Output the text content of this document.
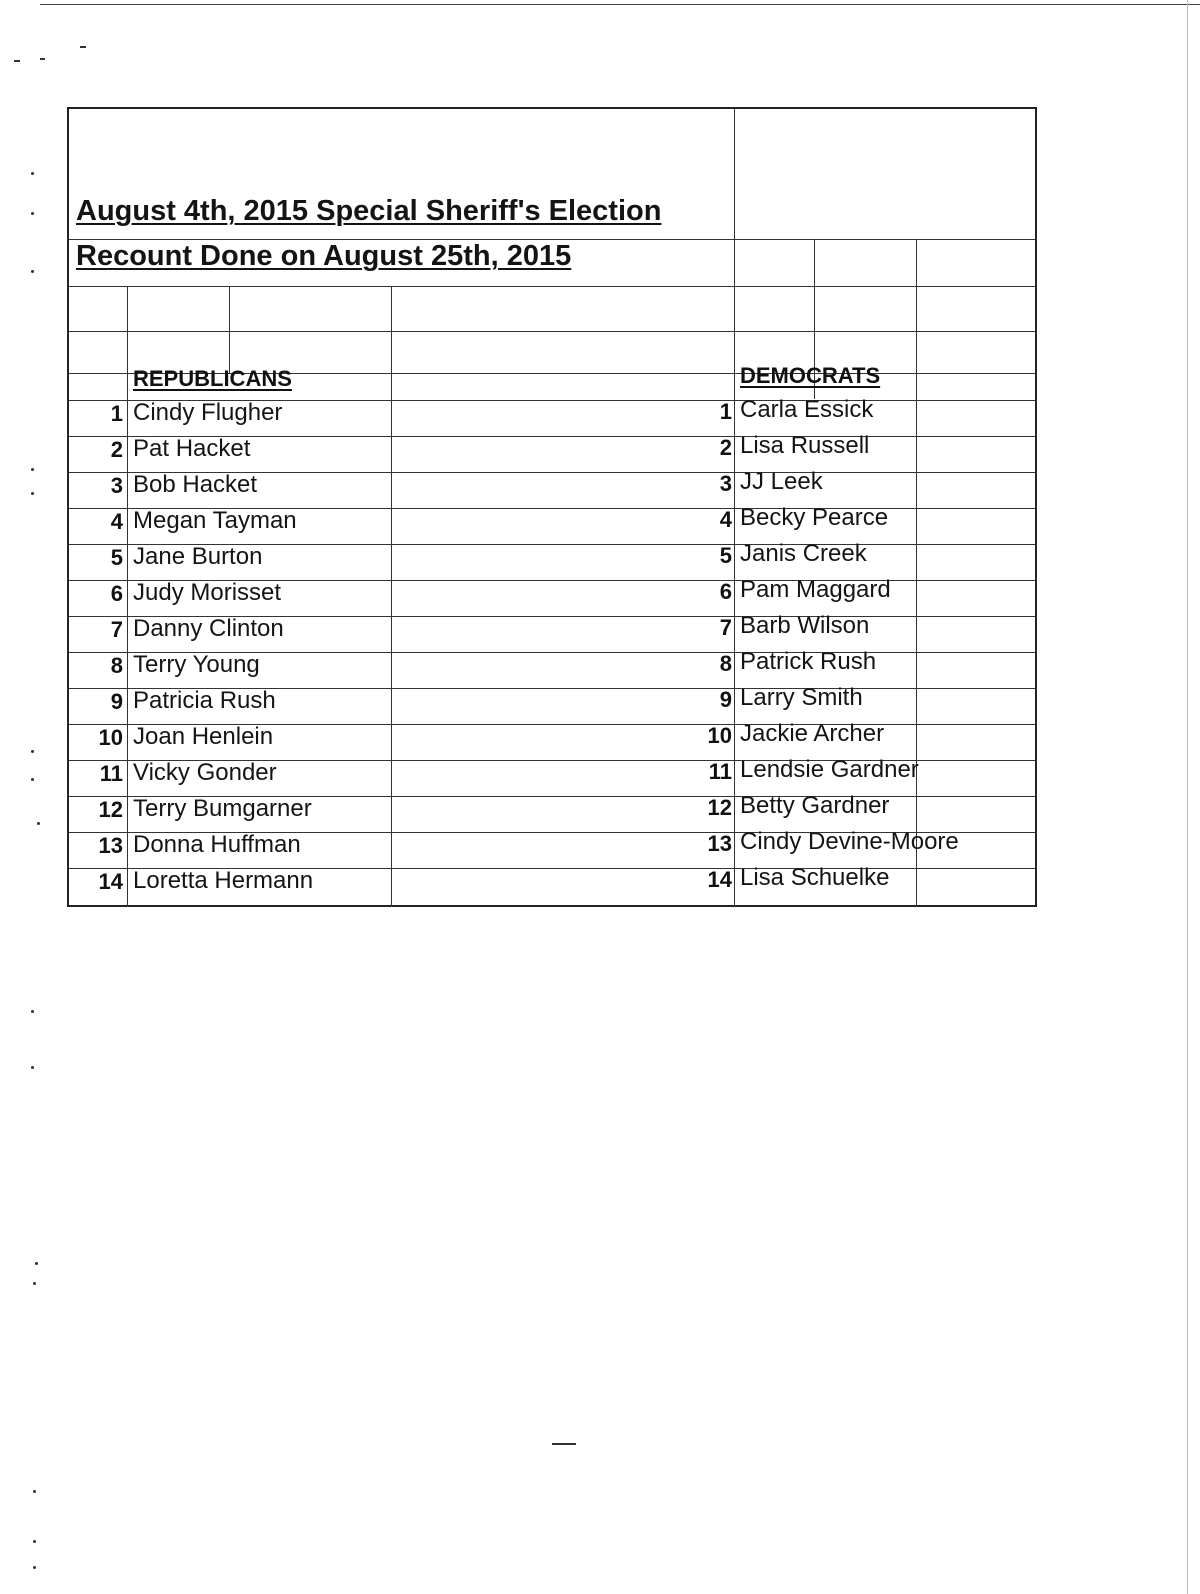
August 4th, 2015 Special Sheriff's Election
Recount Done on August 25th, 2015
REPUBLICANS	DEMOCRATS
1 Cindy Flugher
2 Pat Hacket
3 Bob Hacket
4 Megan Tayman
5 Jane Burton
6 Judy Morisset
7 Danny Clinton
8 Terry Young
9 Patricia Rush
10 Joan Henlein
11 Vicky Gonder
12 Terry Bumgarner
13 Donna Huffman
14 Loretta Hermann
1 Carla Essick
2 Lisa Russell
3 JJ Leek
4 Becky Pearce
5 Janis Creek
6 Pam Maggard
7 Barb Wilson
8 Patrick Rush
9 Larry Smith
10 Jackie Archer
11 Lendsie Gardner
12 Betty Gardner
13 Cindy Devine-Moore
14 Lisa Schuelke
